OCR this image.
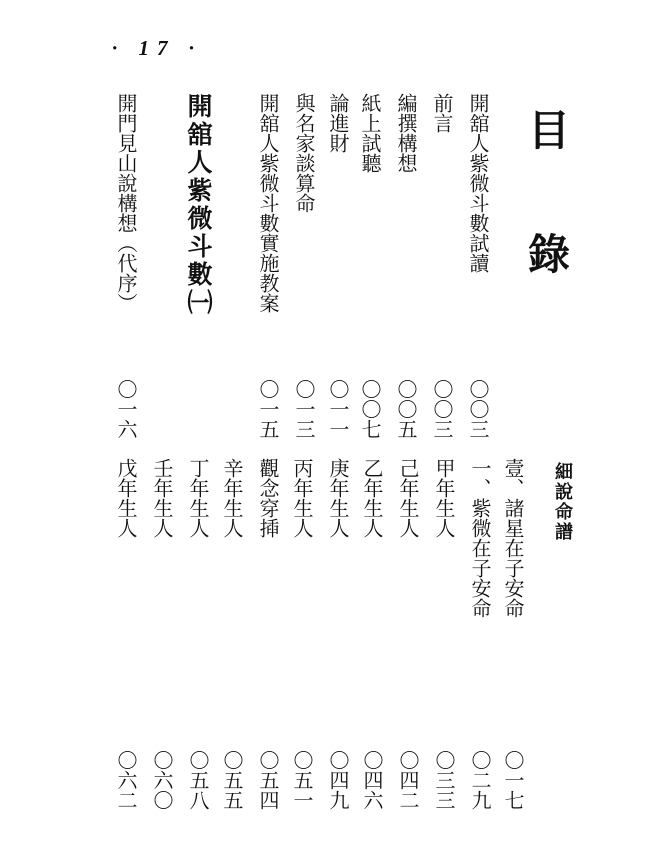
· 17 ·
目錄
開舘人紫微斗數試讀
〇〇三
前言
〇〇三
編撰構想
〇〇五
紙上試聽
〇〇七
論進財
〇一一
與名家談算命
〇一三
開舘人紫微斗數實施教案
〇一五
開舘人紫微斗數㈠
開門見山說構想（代序）
〇一六
細說命譜
壹、諸星在子安命
〇一七
一、紫微在子安命
〇二九
甲年生人
〇三三
己年生人
〇四二
乙年生人
〇四六
庚年生人
〇四九
丙年生人
〇五一
觀念穿揷
〇五四
辛年生人
〇五五
丁年生人
〇五八
壬年生人
〇六〇
戊年生人
〇六二
